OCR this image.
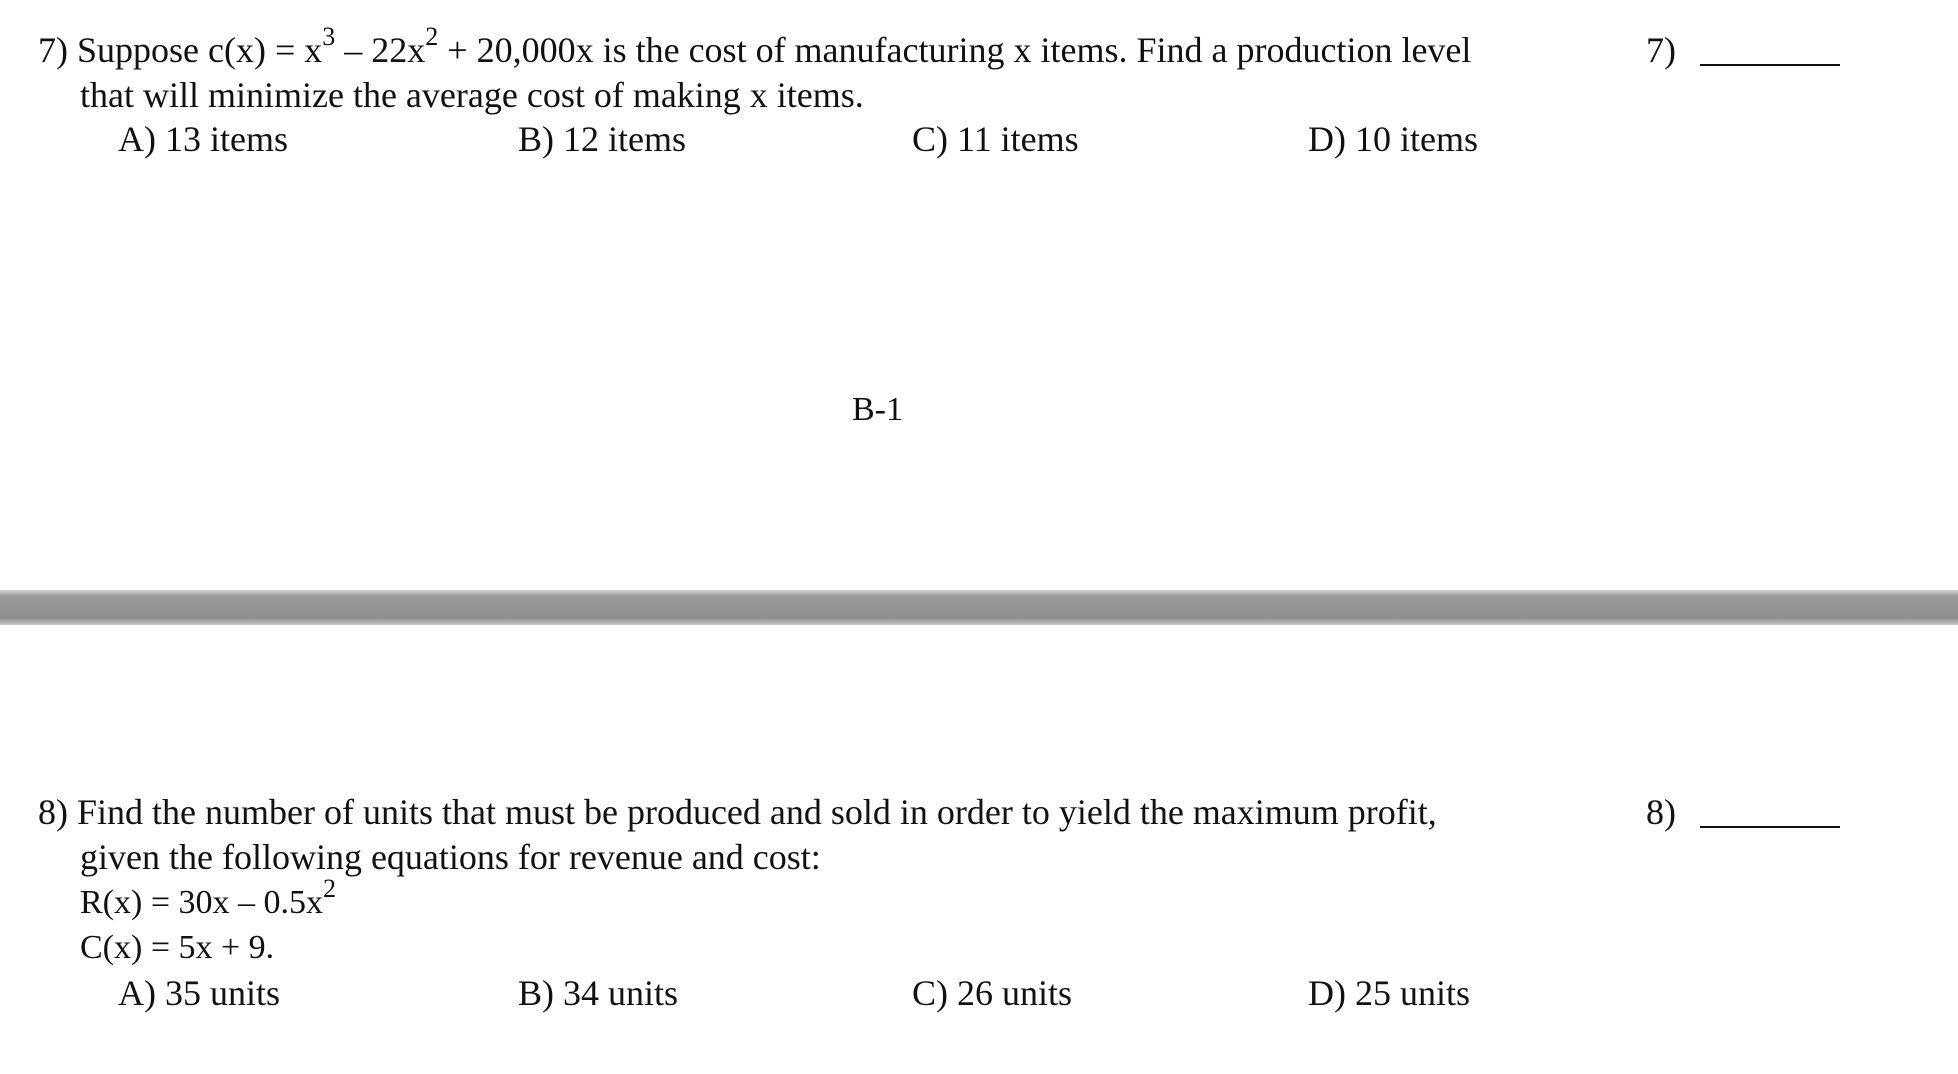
7) Suppose $c(x) = x^3 - 22x^2 + 20,000x$ is the cost of manufacturing x items. Find a production level
that will minimize the average cost of making x items.
A) 13 items	B) 12 items	C) 11 items	D) 10 items
7)
B-1
8) Find the number of units that must be produced and sold in order to yield the maximum profit,
given the following equations for revenue and cost:
$R(x) = 30x - 0.5x^2$
C(x) = 5x + 9.
A) 35 units	B) 34 units	C) 26 units	D) 25 units
8)
